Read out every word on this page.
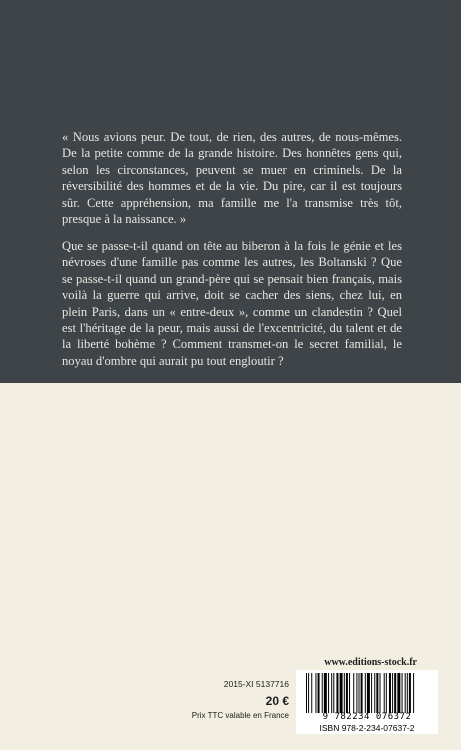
« Nous avions peur. De tout, de rien, des autres, de nous-mêmes. De la petite comme de la grande histoire. Des honnêtes gens qui, selon les circonstances, peuvent se muer en criminels. De la réversibilité des hommes et de la vie. Du pire, car il est toujours sûr. Cette appréhension, ma famille me l'a transmise très tôt, presque à la naissance. »

Que se passe-t-il quand on tête au biberon à la fois le génie et les névroses d'une famille pas comme les autres, les Boltanski ? Que se passe-t-il quand un grand-père qui se pensait bien français, mais voilà la guerre qui arrive, doit se cacher des siens, chez lui, en plein Paris, dans un « entre-deux », comme un clandestin ? Quel est l'héritage de la peur, mais aussi de l'excentricité, du talent et de la liberté bohème ? Comment transmet-on le secret familial, le noyau d'ombre qui aurait pu tout engloutir ?

www.editions-stock.fr
2015-XI 5137716
20 €
Prix TTC valable en France	9 782234 076372
ISBN 978-2-234-07637-2
